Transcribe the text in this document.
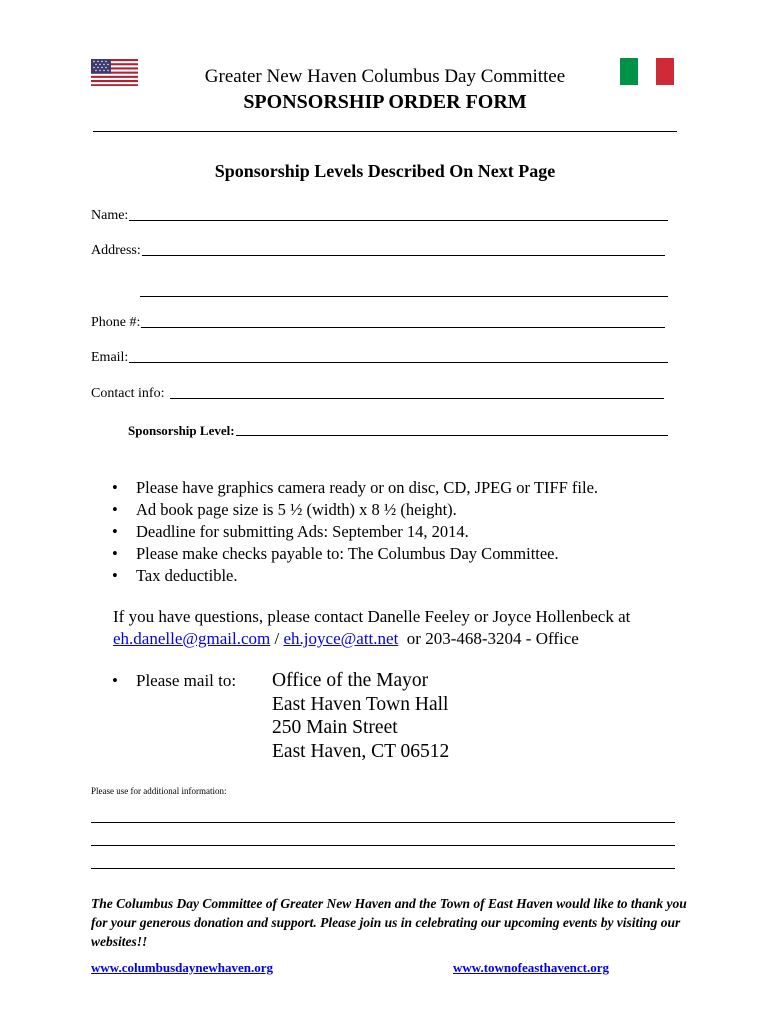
Greater New Haven Columbus Day Committee
SPONSORSHIP ORDER FORM
Sponsorship Levels Described On Next Page
Name:
Address:
Phone #:
Email:
Contact info:
Sponsorship Level:
•	Please have graphics camera ready or on disc, CD, JPEG or TIFF file.
•	Ad book page size is 5 ½ (width) x 8 ½ (height).
•	Deadline for submitting Ads: September 14, 2014.
•	Please make checks payable to: The Columbus Day Committee.
•	Tax deductible.
If you have questions, please contact Danelle Feeley or Joyce Hollenbeck at
eh.danelle@gmail.com / eh.joyce@att.net  or 203-468-3204 - Office
•	Please mail to: Office of the Mayor
East Haven Town Hall
250 Main Street
East Haven, CT 06512
Please use for additional information:
The Columbus Day Committee of Greater New Haven and the Town of East Haven would like to thank you for your generous donation and support. Please join us in celebrating our upcoming events by visiting our websites!!
www.columbusdaynewhaven.org	www.townofeasthavenct.org
